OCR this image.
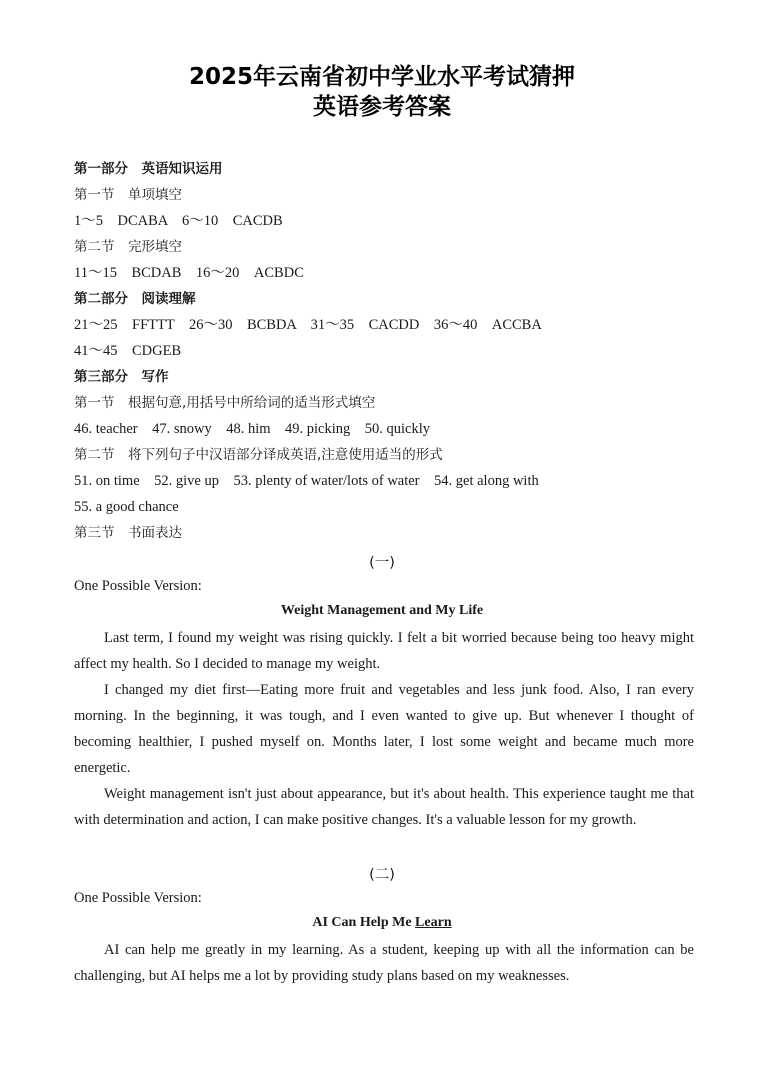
2025年云南省初中学业水平考试猜押
英语参考答案
第一部分　英语知识运用
第一节　单项填空
1～5　DCABA　6～10　CACDB
第二节　完形填空
11～15　BCDAB　16～20　ACBDC
第二部分　阅读理解
21～25　FFTTT　26～30　BCBDA　31～35　CACDD　36～40　ACCBA
41～45　CDGEB
第三部分　写作
第一节　根据句意,用括号中所给词的适当形式填空
46. teacher　47. snowy　48. him　49. picking　50. quickly
第二节　将下列句子中汉语部分译成英语,注意使用适当的形式
51. on time　52. give up　53. plenty of water/lots of water　54. get along with
55. a good chance
第三节　书面表达
(一)
One Possible Version:
Weight Management and My Life
Last term, I found my weight was rising quickly. I felt a bit worried because being too heavy might affect my health. So I decided to manage my weight.
I changed my diet first—Eating more fruit and vegetables and less junk food. Also, I ran every morning. In the beginning, it was tough, and I even wanted to give up. But whenever I thought of becoming healthier, I pushed myself on. Months later, I lost some weight and became much more energetic.
Weight management isn't just about appearance, but it's about health. This experience taught me that with determination and action, I can make positive changes. It's a valuable lesson for my growth.
(二)
One Possible Version:
AI Can Help Me Learn
AI can help me greatly in my learning. As a student, keeping up with all the information can be challenging, but AI helps me a lot by providing study plans based on my weaknesses.
